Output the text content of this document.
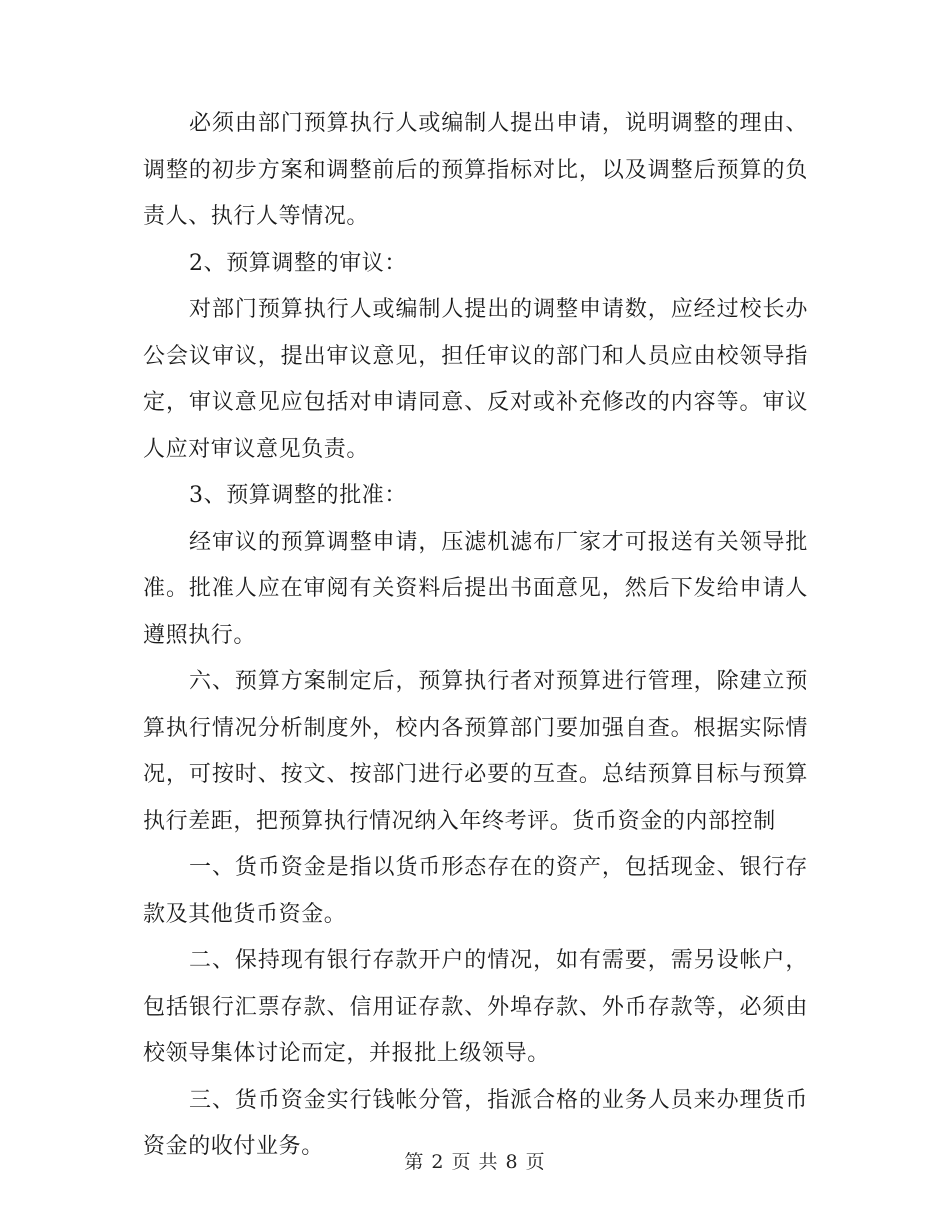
必须由部门预算执行人或编制人提出申请，说明调整的理由、调整的初步方案和调整前后的预算指标对比，以及调整后预算的负责人、执行人等情况。

2、预算调整的审议：

对部门预算执行人或编制人提出的调整申请数，应经过校长办公会议审议，提出审议意见，担任审议的部门和人员应由校领导指定，审议意见应包括对申请同意、反对或补充修改的内容等。审议人应对审议意见负责。

3、预算调整的批准：

经审议的预算调整申请，压滤机滤布厂家才可报送有关领导批准。批准人应在审阅有关资料后提出书面意见，然后下发给申请人遵照执行。

六、预算方案制定后，预算执行者对预算进行管理，除建立预算执行情况分析制度外，校内各预算部门要加强自查。根据实际情况，可按时、按文、按部门进行必要的互查。总结预算目标与预算执行差距，把预算执行情况纳入年终考评。货币资金的内部控制

一、货币资金是指以货币形态存在的资产，包括现金、银行存款及其他货币资金。

二、保持现有银行存款开户的情况，如有需要，需另设帐户，包括银行汇票存款、信用证存款、外埠存款、外币存款等，必须由校领导集体讨论而定，并报批上级领导。

三、货币资金实行钱帐分管，指派合格的业务人员来办理货币资金的收付业务。

第 2 页 共 8 页
